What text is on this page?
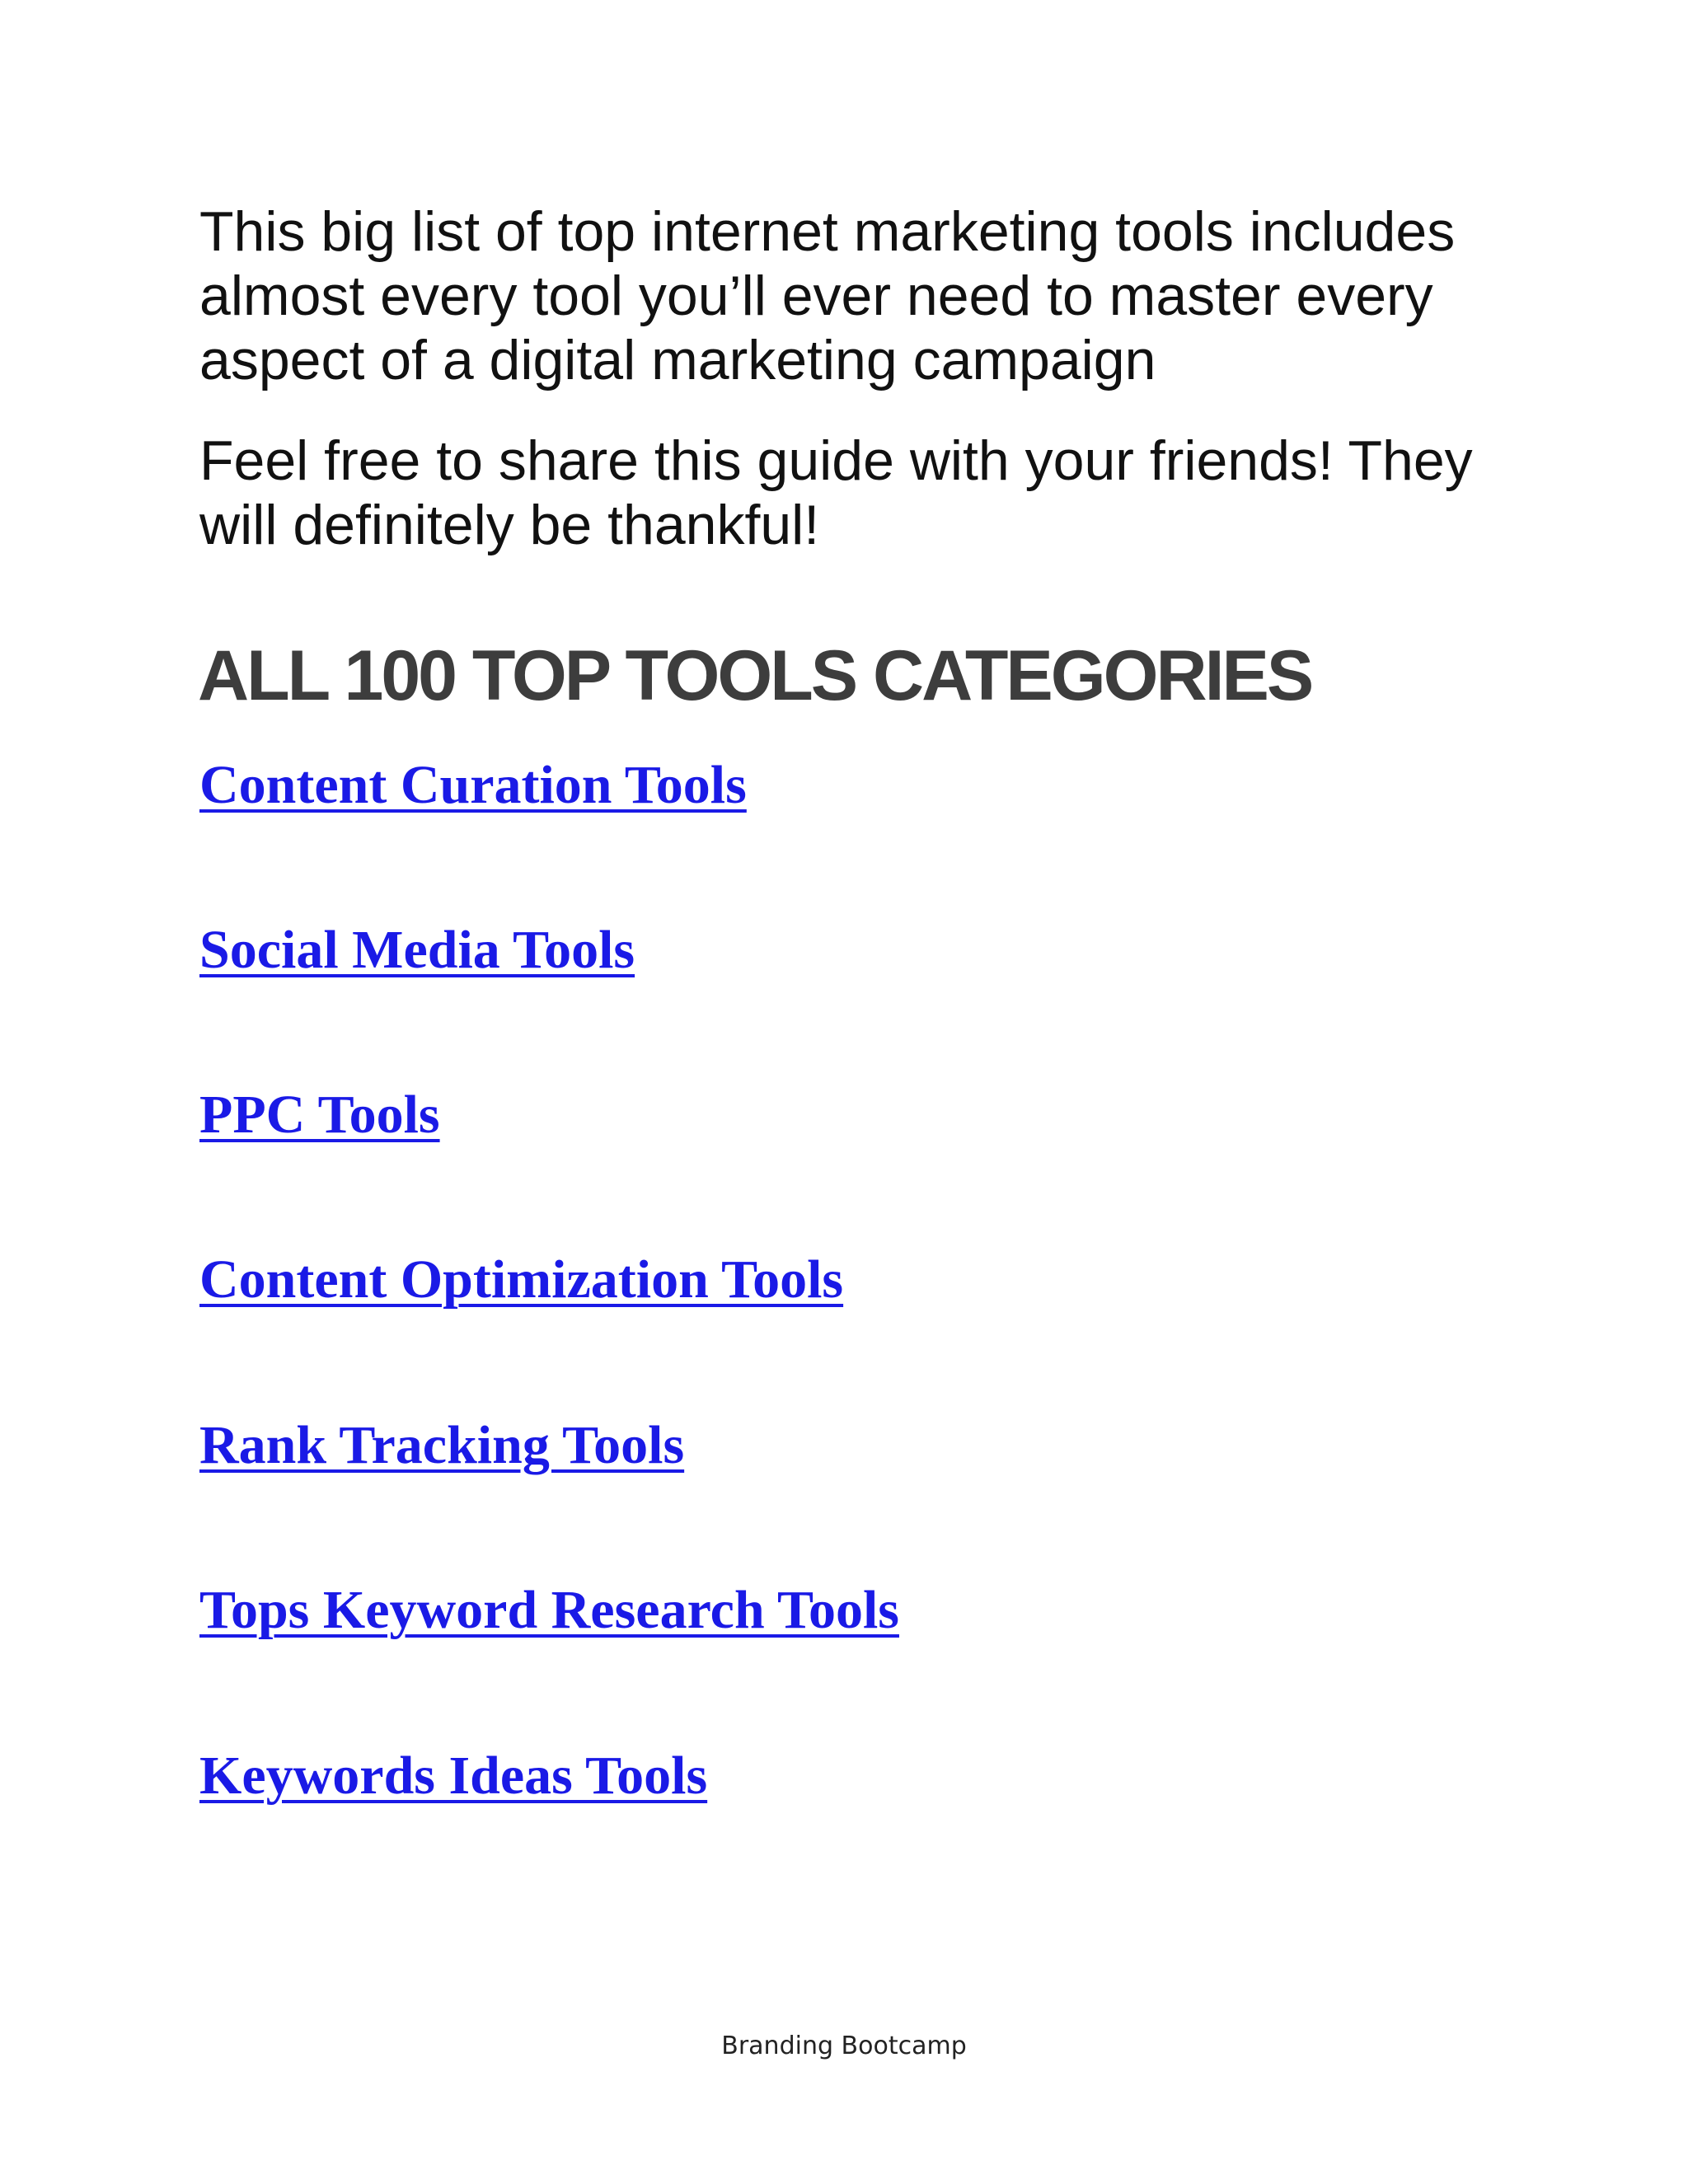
This big list of top internet marketing tools includes
almost every tool you’ll ever need to master every
aspect of a digital marketing campaign

Feel free to share this guide with your friends! They
will definitely be thankful!

ALL 100 TOP TOOLS CATEGORIES
Content Curation Tools
Social Media Tools
PPC Tools
Content Optimization Tools
Rank Tracking Tools
Tops Keyword Research Tools
Keywords Ideas Tools
Branding Bootcamp
